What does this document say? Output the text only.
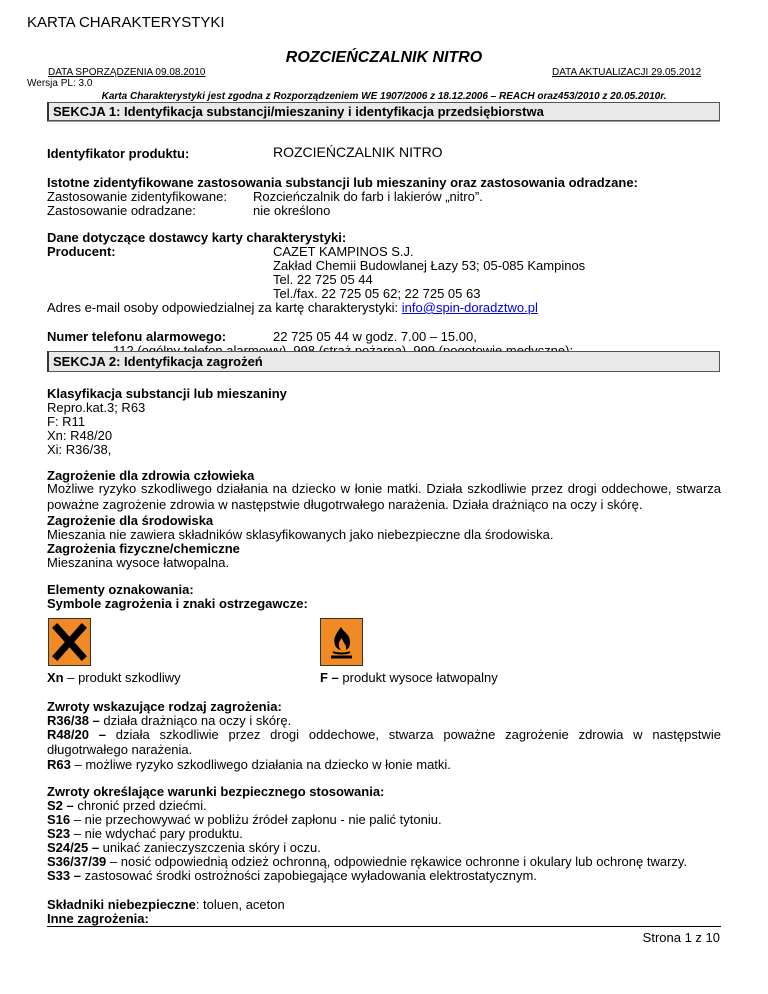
KARTA CHARAKTERYSTYKI
ROZCIEŃCZALNIK NITRO
DATA SPORZĄDZENIA 09.08.2010	DATA AKTUALIZACJI 29.05.2012
Wersja PL: 3.0
Karta Charakterystyki jest zgodna z Rozporządzeniem WE 1907/2006 z 18.12.2006 – REACH oraz453/2010 z 20.05.2010r.
SEKCJA 1: Identyfikacja substancji/mieszaniny i identyfikacja przedsiębiorstwa
Identyfikator produktu:	ROZCIEŃCZALNIK NITRO
Istotne zidentyfikowane zastosowania substancji lub mieszaniny oraz zastosowania odradzane:
Zastosowanie zidentyfikowane:	Rozcieńczalnik do farb i lakierów „nitro”.
Zastosowanie odradzane:	nie określono
Dane dotyczące dostawcy karty charakterystyki:
Producent:	CAZET KAMPINOS S.J.
Zakład Chemii Budowlanej Łazy 53; 05-085 Kampinos
Tel. 22 725 05 44
Tel./fax. 22 725 05 62; 22 725 05 63
Adres e-mail osoby odpowiedzialnej za kartę charakterystyki: info@spin-doradztwo.pl
Numer telefonu alarmowego:	22 725 05 44 w godz. 7.00 – 15.00,
SEKCJA 2: Identyfikacja zagrożeń
Klasyfikacja substancji lub mieszaniny
Repro.kat.3; R63
F: R11
Xn: R48/20
Xi: R36/38,
Zagrożenie dla zdrowia człowieka
Możliwe ryzyko szkodliwego działania na dziecko w łonie matki. Działa szkodliwie przez drogi oddechowe, stwarza poważne zagrożenie zdrowia w następstwie długotrwałego narażenia. Działa drażniąco na oczy i skórę.
Zagrożenie dla środowiska
Mieszania nie zawiera składników sklasyfikowanych jako niebezpieczne dla środowiska.
Zagrożenia fizyczne/chemiczne
Mieszanina wysoce łatwopalna.
Elementy oznakowania:
Symbole zagrożenia i znaki ostrzegawcze:
Xn – produkt szkodliwy	F – produkt wysoce łatwopalny
Zwroty wskazujące rodzaj zagrożenia:
R36/38 – działa drażniąco na oczy i skórę.
R48/20 – działa szkodliwie przez drogi oddechowe, stwarza poważne zagrożenie zdrowia w następstwie długotrwałego narażenia.
R63 – możliwe ryzyko szkodliwego działania na dziecko w łonie matki.
Zwroty określające warunki bezpiecznego stosowania:
S2 – chronić przed dziećmi.
S16 – nie przechowywać w pobliżu źródeł zapłonu - nie palić tytoniu.
S23 – nie wdychać pary produktu.
S24/25 – unikać zanieczyszczenia skóry i oczu.
S36/37/39 – nosić odpowiednią odzież ochronną, odpowiednie rękawice ochronne i okulary lub ochronę twarzy.
S33 – zastosować środki ostrożności zapobiegające wyładowania elektrostatycznym.
Składniki niebezpieczne: toluen, aceton
Inne zagrożenia:
Strona 1 z 10
